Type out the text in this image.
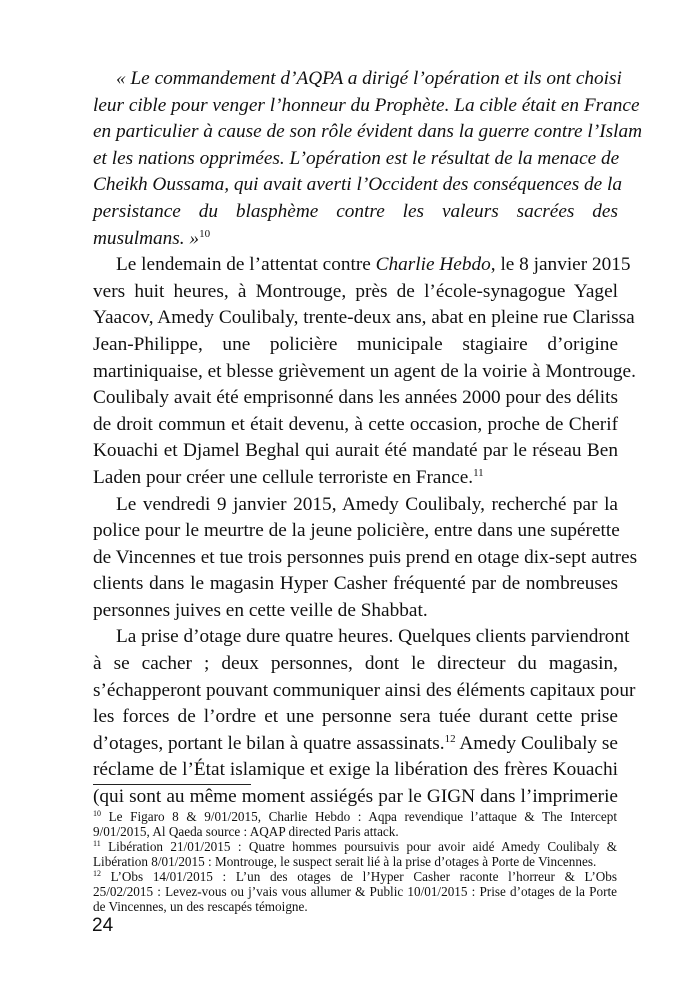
« Le commandement d’AQPA a dirigé l’opération et ils ont choisi
leur cible pour venger l’honneur du Prophète. La cible était en France
en particulier à cause de son rôle évident dans la guerre contre l’Islam
et les nations opprimées. L’opération est le résultat de la menace de
Cheikh Oussama, qui avait averti l’Occident des conséquences de la
persistance du blasphème contre les valeurs sacrées des
musulmans. »$^{10}$
Le lendemain de l’attentat contre Charlie Hebdo, le 8 janvier 2015
vers huit heures, à Montrouge, près de l’école-synagogue Yagel
Yaacov, Amedy Coulibaly, trente-deux ans, abat en pleine rue Clarissa
Jean-Philippe, une policière municipale stagiaire d’origine
martiniquaise, et blesse grièvement un agent de la voirie à Montrouge.
Coulibaly avait été emprisonné dans les années 2000 pour des délits
de droit commun et était devenu, à cette occasion, proche de Cherif
Kouachi et Djamel Beghal qui aurait été mandaté par le réseau Ben
Laden pour créer une cellule terroriste en France.$^{11}$
Le vendredi 9 janvier 2015, Amedy Coulibaly, recherché par la
police pour le meurtre de la jeune policière, entre dans une supérette
de Vincennes et tue trois personnes puis prend en otage dix-sept autres
clients dans le magasin Hyper Casher fréquenté par de nombreuses
personnes juives en cette veille de Shabbat.
La prise d’otage dure quatre heures. Quelques clients parviendront
à se cacher ; deux personnes, dont le directeur du magasin,
s’échapperont pouvant communiquer ainsi des éléments capitaux pour
les forces de l’ordre et une personne sera tuée durant cette prise
d’otages, portant le bilan à quatre assassinats.$^{12}$ Amedy Coulibaly se
réclame de l’État islamique et exige la libération des frères Kouachi
(qui sont au même moment assiégés par le GIGN dans l’imprimerie
$^{10}$ Le Figaro 8 & 9/01/2015, Charlie Hebdo : Aqpa revendique l’attaque & The Intercept
9/01/2015, Al Qaeda source : AQAP directed Paris attack.
$^{11}$ Libération 21/01/2015 : Quatre hommes poursuivis pour avoir aidé Amedy Coulibaly &
Libération 8/01/2015 : Montrouge, le suspect serait lié à la prise d’otages à Porte de Vincennes.
$^{12}$ L’Obs 14/01/2015 : L’un des otages de l’Hyper Casher raconte l’horreur & L’Obs
25/02/2015 : Levez-vous ou j’vais vous allumer & Public 10/01/2015 : Prise d’otages de la Porte
de Vincennes, un des rescapés témoigne.
24
